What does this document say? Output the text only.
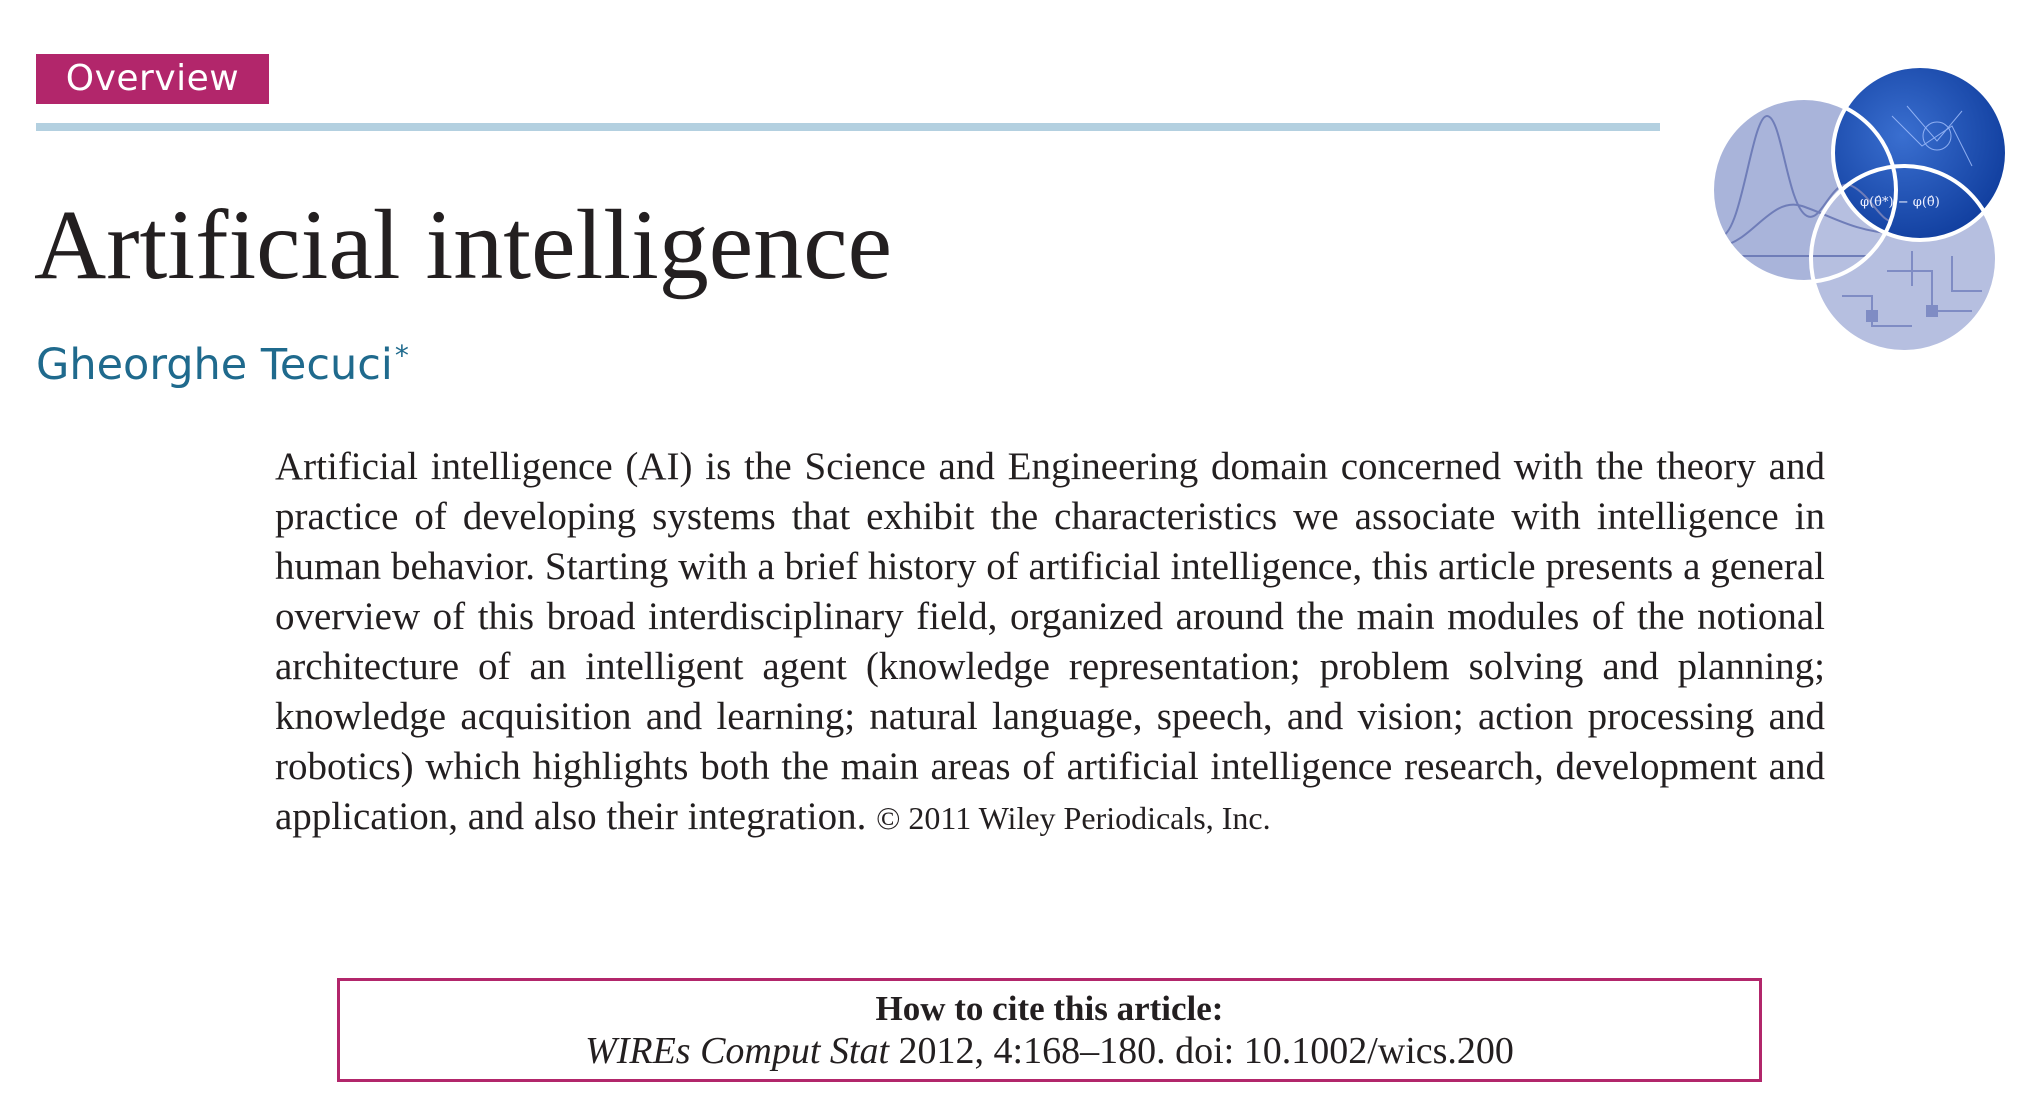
Overview
φ(θ̂*) − φ(θ̂)
Artificial intelligence
Gheorghe Tecuci*

Artificial intelligence (AI) is the Science and Engineering domain concerned with the theory and practice of developing systems that exhibit the characteristics we associate with intelligence in human behavior. Starting with a brief history of artificial intelligence, this article presents a general overview of this broad interdisciplinary field, organized around the main modules of the notional architecture of an intelligent agent (knowledge representation; problem solving and planning; knowledge acquisition and learning; natural language, speech, and vision; action processing and robotics) which highlights both the main areas of artificial intelligence research, development and application, and also their integration. © 2011 Wiley Periodicals, Inc.

How to cite this article:
WIREs Comput Stat 2012, 4:168–180. doi: 10.1002/wics.200
